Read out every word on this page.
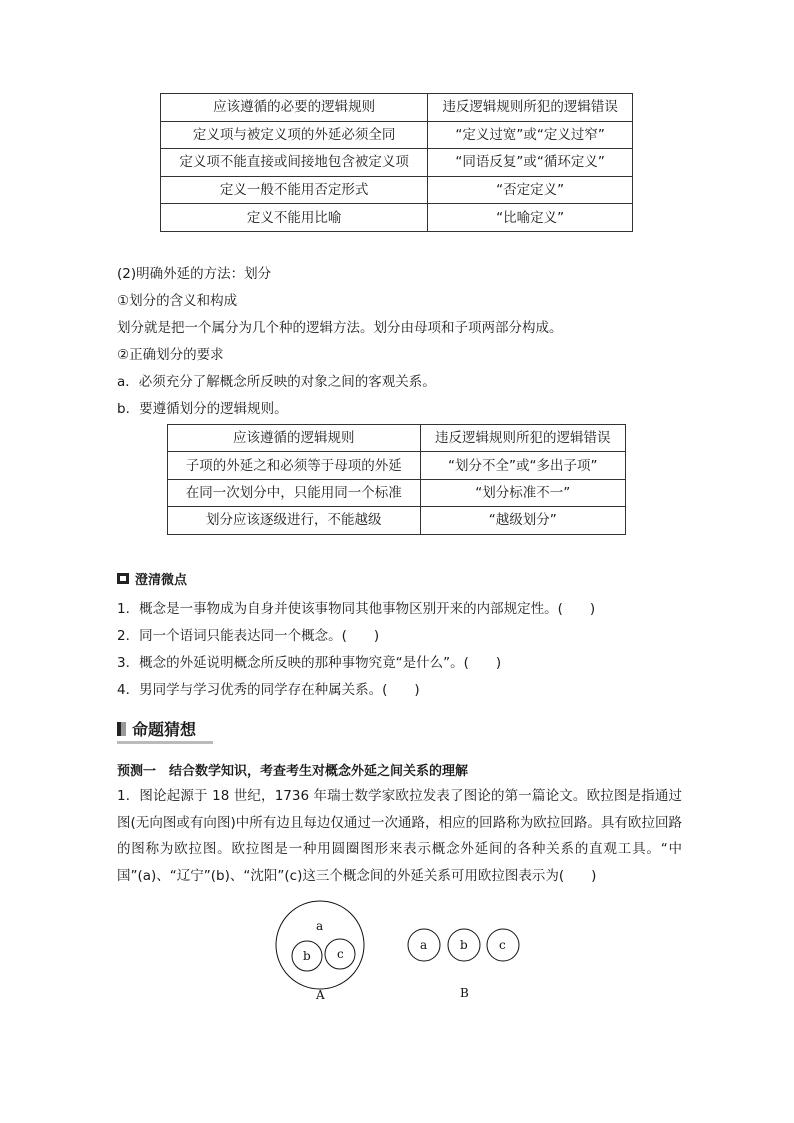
应该遵循的必要的逻辑规则	违反逻辑规则所犯的逻辑错误
定义项与被定义项的外延必须全同	“定义过宽”或“定义过窄”
定义项不能直接或间接地包含被定义项	“同语反复”或“循环定义”
定义一般不能用否定形式	“否定定义”
定义不能用比喻	“比喻定义”
(2)明确外延的方法：划分
①划分的含义和构成
划分就是把一个属分为几个种的逻辑方法。划分由母项和子项两部分构成。
②正确划分的要求
a．必须充分了解概念所反映的对象之间的客观关系。
b．要遵循划分的逻辑规则。
应该遵循的逻辑规则	违反逻辑规则所犯的逻辑错误
子项的外延之和必须等于母项的外延	“划分不全”或“多出子项”
在同一次划分中，只能用同一个标准	“划分标准不一”
划分应该逐级进行，不能越级	“越级划分”
澄清微点
1．概念是一事物成为自身并使该事物同其他事物区别开来的内部规定性。(　　)
2．同一个语词只能表达同一个概念。(　　)
3．概念的外延说明概念所反映的那种事物究竟“是什么”。(　　)
4．男同学与学习优秀的同学存在种属关系。(　　)
命题猜想
预测一　结合数学知识，考查考生对概念外延之间关系的理解
1．图论起源于 18 世纪，1736 年瑞士数学家欧拉发表了图论的第一篇论文。欧拉图是指通过图(无向图或有向图)中所有边且每边仅通过一次通路，相应的回路称为欧拉回路。具有欧拉回路的图称为欧拉图。欧拉图是一种用圆圈图形来表示概念外延间的各种关系的直观工具。“中国”(a)、“辽宁”(b)、“沈阳”(c)这三个概念间的外延关系可用欧拉图表示为(　　)
a
b c
A
a	b	c
B
